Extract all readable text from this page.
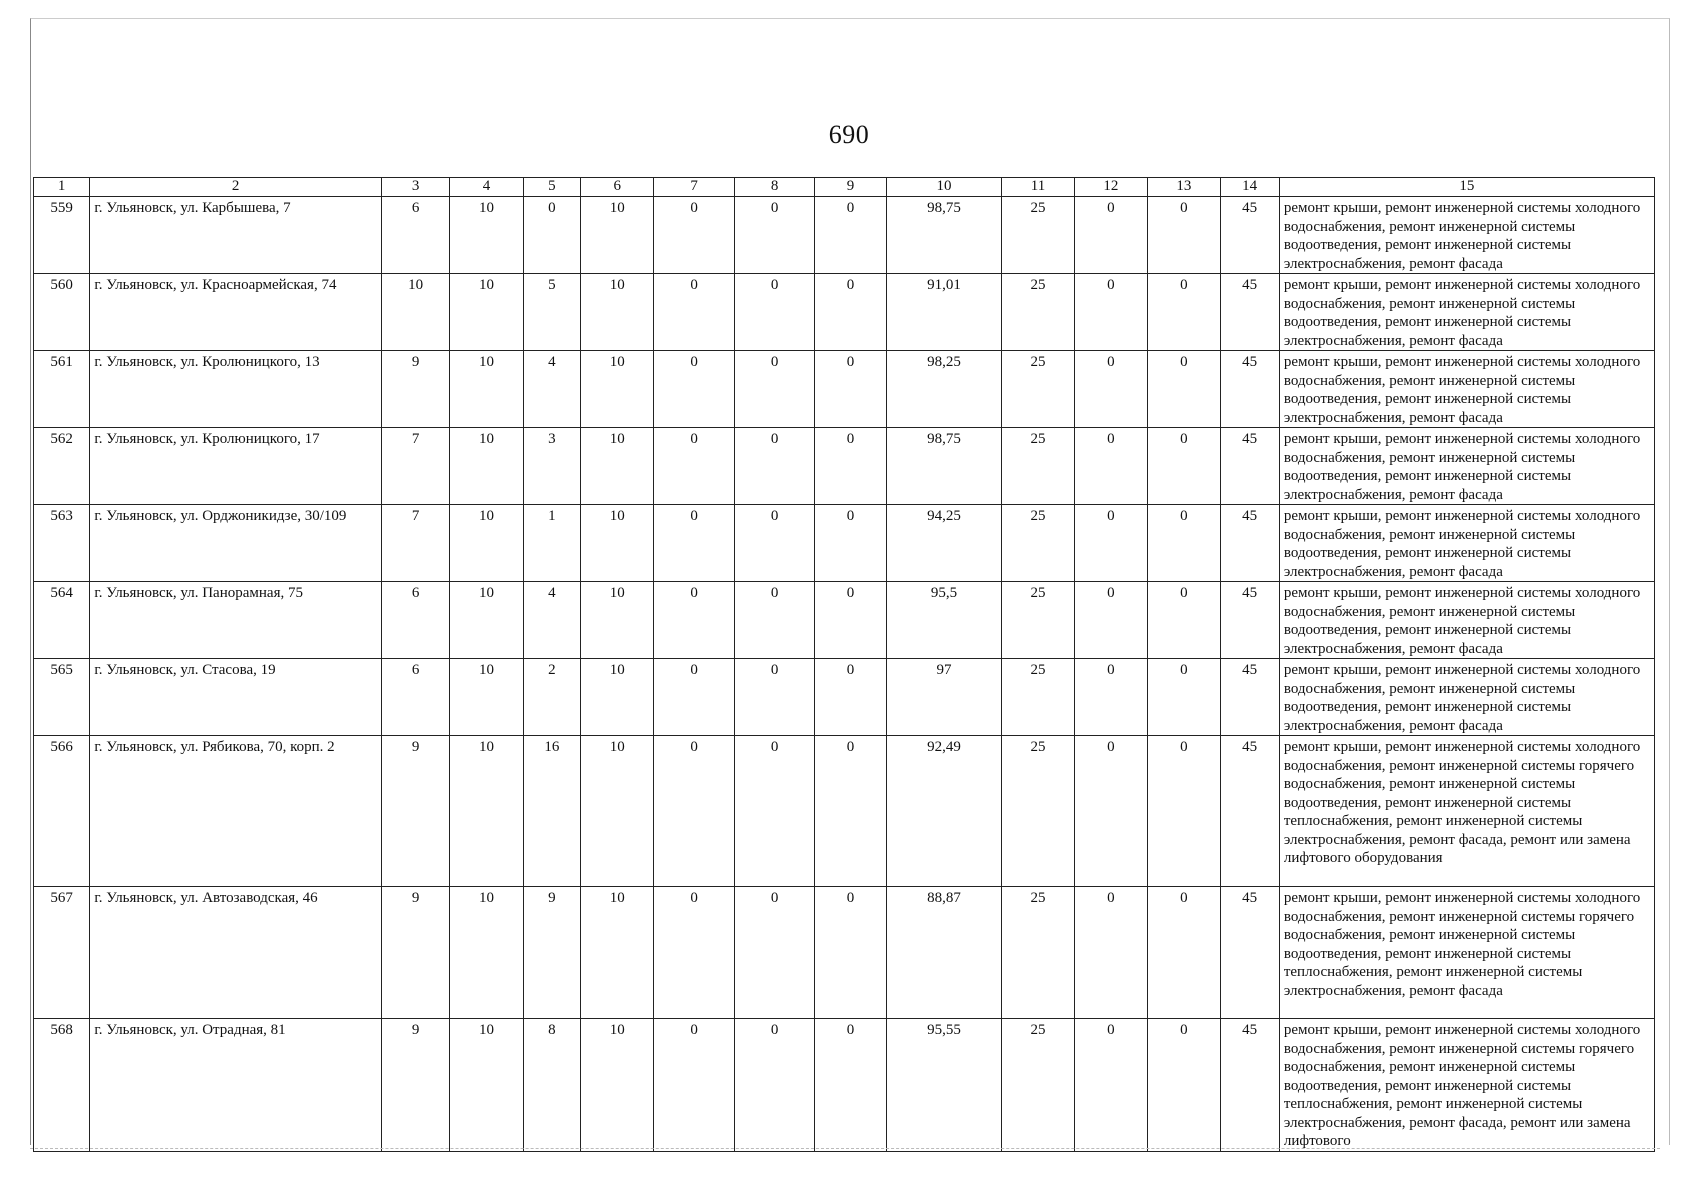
690
1	2	3	4	5	6	7	8	9	10	11	12	13	14	15
559	г. Ульяновск, ул. Карбышева, 7	6	10	0	10	0	0	0	98,75	25	0	0	45	ремонт крыши, ремонт инженерной системы холодного водоснабжения, ремонт инженерной системы водоотведения, ремонт инженерной системы электроснабжения, ремонт фасада
560	г. Ульяновск, ул. Красноармейская, 74	10	10	5	10	0	0	0	91,01	25	0	0	45	ремонт крыши, ремонт инженерной системы холодного водоснабжения, ремонт инженерной системы водоотведения, ремонт инженерной системы электроснабжения, ремонт фасада
561	г. Ульяновск, ул. Кролюницкого, 13	9	10	4	10	0	0	0	98,25	25	0	0	45	ремонт крыши, ремонт инженерной системы холодного водоснабжения, ремонт инженерной системы водоотведения, ремонт инженерной системы электроснабжения, ремонт фасада
562	г. Ульяновск, ул. Кролюницкого, 17	7	10	3	10	0	0	0	98,75	25	0	0	45	ремонт крыши, ремонт инженерной системы холодного водоснабжения, ремонт инженерной системы водоотведения, ремонт инженерной системы электроснабжения, ремонт фасада
563	г. Ульяновск, ул. Орджоникидзе, 30/109	7	10	1	10	0	0	0	94,25	25	0	0	45	ремонт крыши, ремонт инженерной системы холодного водоснабжения, ремонт инженерной системы водоотведения, ремонт инженерной системы электроснабжения, ремонт фасада
564	г. Ульяновск, ул. Панорамная, 75	6	10	4	10	0	0	0	95,5	25	0	0	45	ремонт крыши, ремонт инженерной системы холодного водоснабжения, ремонт инженерной системы водоотведения, ремонт инженерной системы электроснабжения, ремонт фасада
565	г. Ульяновск, ул. Стасова, 19	6	10	2	10	0	0	0	97	25	0	0	45	ремонт крыши, ремонт инженерной системы холодного водоснабжения, ремонт инженерной системы водоотведения, ремонт инженерной системы электроснабжения, ремонт фасада
566	г. Ульяновск, ул. Рябикова, 70, корп. 2	9	10	16	10	0	0	0	92,49	25	0	0	45	ремонт крыши, ремонт инженерной системы холодного водоснабжения, ремонт инженерной системы горячего водоснабжения, ремонт инженерной системы водоотведения, ремонт инженерной системы теплоснабжения, ремонт инженерной системы электроснабжения, ремонт фасада, ремонт или замена лифтового оборудования
567	г. Ульяновск, ул. Автозаводская, 46	9	10	9	10	0	0	0	88,87	25	0	0	45	ремонт крыши, ремонт инженерной системы холодного водоснабжения, ремонт инженерной системы горячего водоснабжения, ремонт инженерной системы водоотведения, ремонт инженерной системы теплоснабжения, ремонт инженерной системы электроснабжения, ремонт фасада
568	г. Ульяновск, ул. Отрадная, 81	9	10	8	10	0	0	0	95,55	25	0	0	45	ремонт крыши, ремонт инженерной системы холодного водоснабжения, ремонт инженерной системы горячего водоснабжения, ремонт инженерной системы водоотведения, ремонт инженерной системы теплоснабжения, ремонт инженерной системы электроснабжения, ремонт фасада, ремонт или замена лифтового
